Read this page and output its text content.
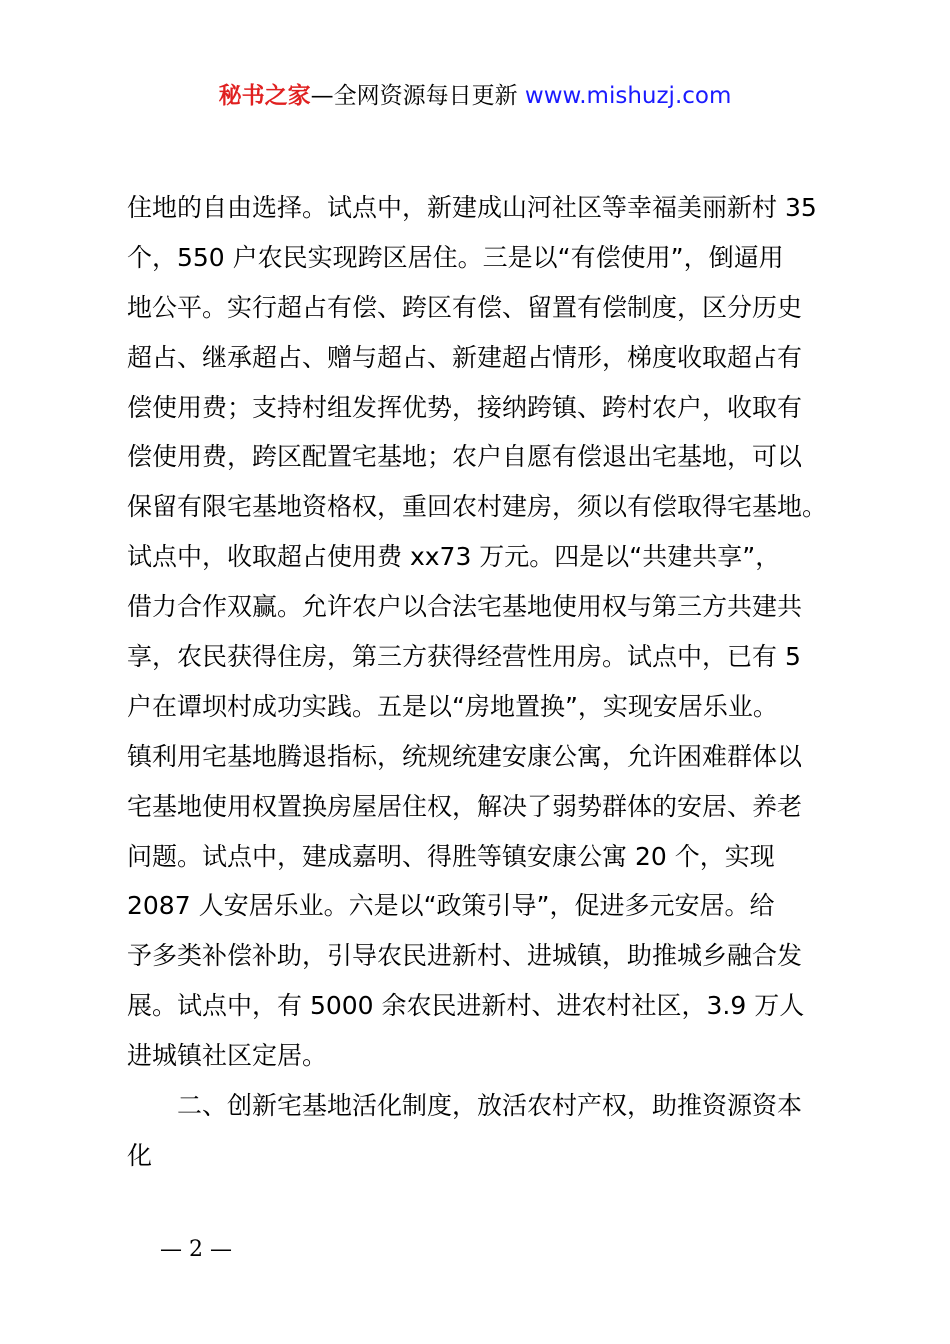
秘书之家—全网资源每日更新 www.mishuzj.com
住地的自由选择。试点中，新建成山河社区等幸福美丽新村 35
个，550 户农民实现跨区居住。三是以“有偿使用”，倒逼用
地公平。实行超占有偿、跨区有偿、留置有偿制度，区分历史
超占、继承超占、赠与超占、新建超占情形，梯度收取超占有
偿使用费；支持村组发挥优势，接纳跨镇、跨村农户，收取有
偿使用费，跨区配置宅基地；农户自愿有偿退出宅基地，可以
保留有限宅基地资格权，重回农村建房，须以有偿取得宅基地。
试点中，收取超占使用费 xx73 万元。四是以“共建共享”，
借力合作双赢。允许农户以合法宅基地使用权与第三方共建共
享，农民获得住房，第三方获得经营性用房。试点中，已有 5
户在谭坝村成功实践。五是以“房地置换”，实现安居乐业。
镇利用宅基地腾退指标，统规统建安康公寓，允许困难群体以
宅基地使用权置换房屋居住权，解决了弱势群体的安居、养老
问题。试点中，建成嘉明、得胜等镇安康公寓 20 个，实现
2087 人安居乐业。六是以“政策引导”，促进多元安居。给
予多类补偿补助，引导农民进新村、进城镇，助推城乡融合发
展。试点中，有 5000 余农民进新村、进农村社区，3.9 万人
进城镇社区定居。
二、创新宅基地活化制度，放活农村产权，助推资源资本
化
— 2 —
